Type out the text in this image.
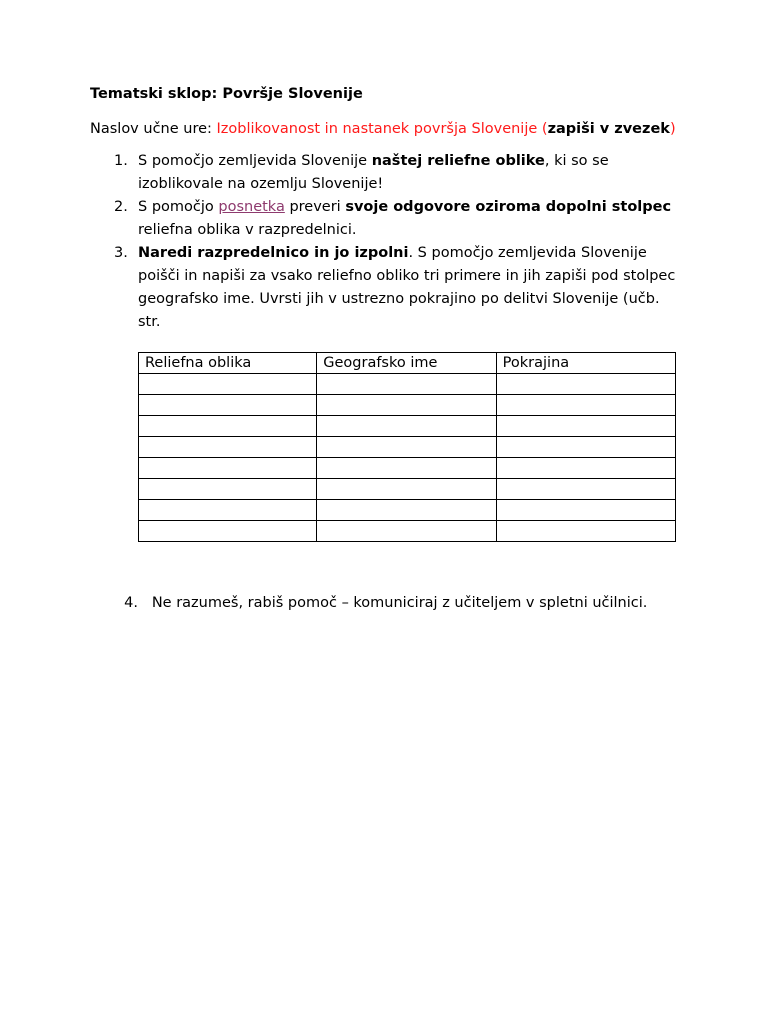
Tematski sklop: Površje Slovenije
Naslov učne ure: Izoblikovanost in nastanek površja Slovenije (zapiši v zvezek)
1. S pomočjo zemljevida Slovenije naštej reliefne oblike, ki so se izoblikovale na ozemlju Slovenije!
2. S pomočjo posnetka preveri svoje odgovore oziroma dopolni stolpec reliefna oblika v razpredelnici.
3. Naredi razpredelnico in jo izpolni. S pomočjo zemljevida Slovenije poišči in napiši za vsako reliefno obliko tri primere in jih zapiši pod stolpec geografsko ime. Uvrsti jih v ustrezno pokrajino po delitvi Slovenije (učb. str.
Reliefna oblika	Geografsko ime	Pokrajina

4. Ne razumeš, rabiš pomoč – komuniciraj z učiteljem v spletni učilnici.
